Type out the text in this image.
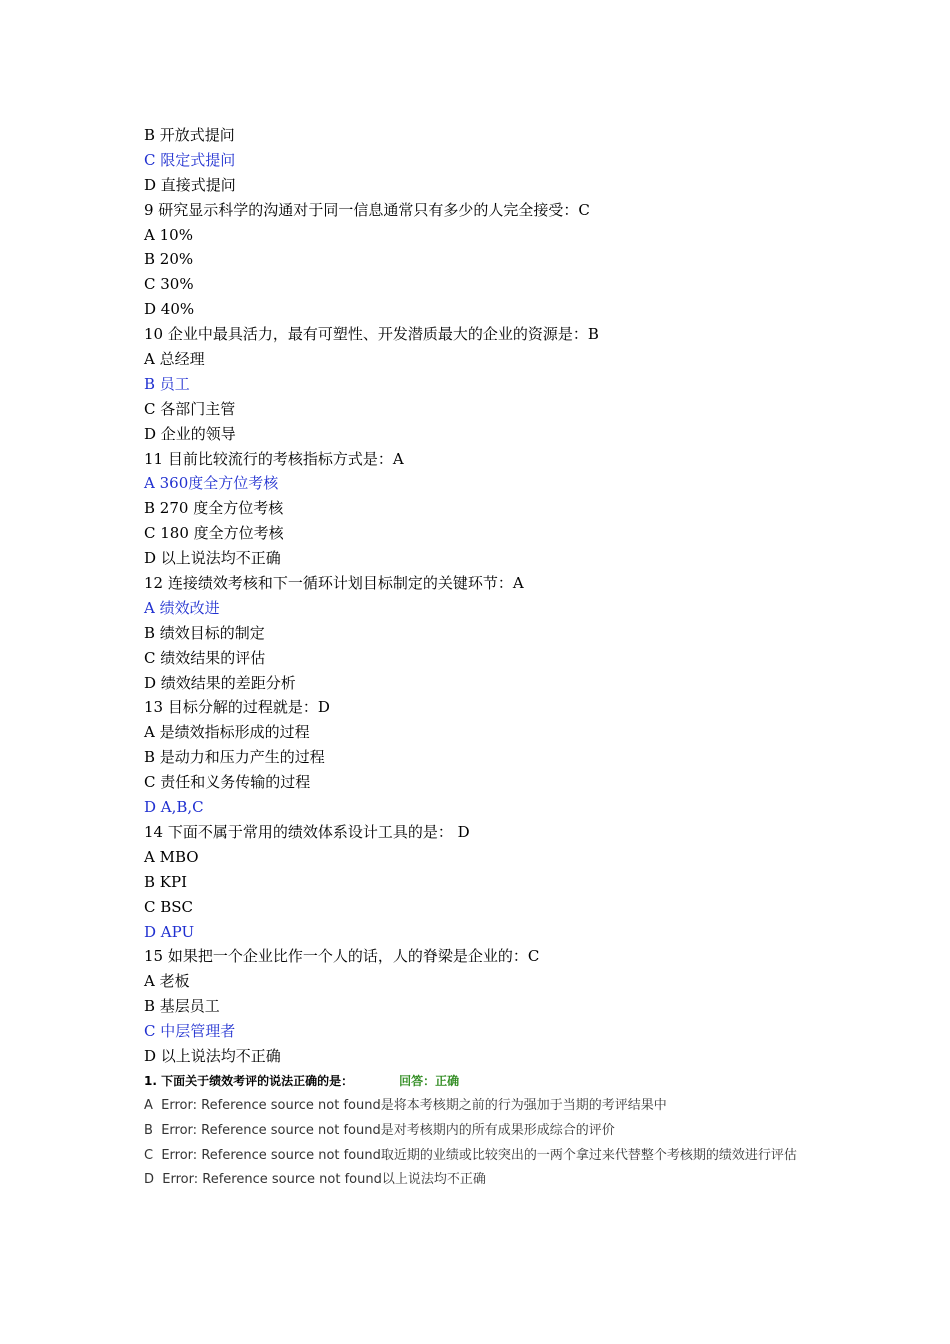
B 开放式提问
C 限定式提问
D 直接式提问
9 研究显示科学的沟通对于同一信息通常只有多少的人完全接受：C
A 10%
B 20%
C 30%
D 40%
10 企业中最具活力，最有可塑性、开发潜质最大的企业的资源是：B
A 总经理
B 员工
C 各部门主管
D 企业的领导
11 目前比较流行的考核指标方式是：A
A 360度全方位考核
B 270 度全方位考核
C 180 度全方位考核
D 以上说法均不正确
12 连接绩效考核和下一循环计划目标制定的关键环节：A
A 绩效改进
B 绩效目标的制定
C 绩效结果的评估
D 绩效结果的差距分析
13 目标分解的过程就是：D
A 是绩效指标形成的过程
B 是动力和压力产生的过程
C 责任和义务传输的过程
D A,B,C
14 下面不属于常用的绩效体系设计工具的是： D
A MBO
B KPI
C BSC
D APU
15 如果把一个企业比作一个人的话，人的脊梁是企业的：C
A 老板
B 基层员工
C 中层管理者
D 以上说法均不正确
1. 下面关于绩效考评的说法正确的是：	回答：正确
A Error: Reference source not found是将本考核期之前的行为强加于当期的考评结果中
B Error: Reference source not found是对考核期内的所有成果形成综合的评价
C Error: Reference source not found取近期的业绩或比较突出的一两个拿过来代替整个考核期的绩效进行评估
D Error: Reference source not found以上说法均不正确
